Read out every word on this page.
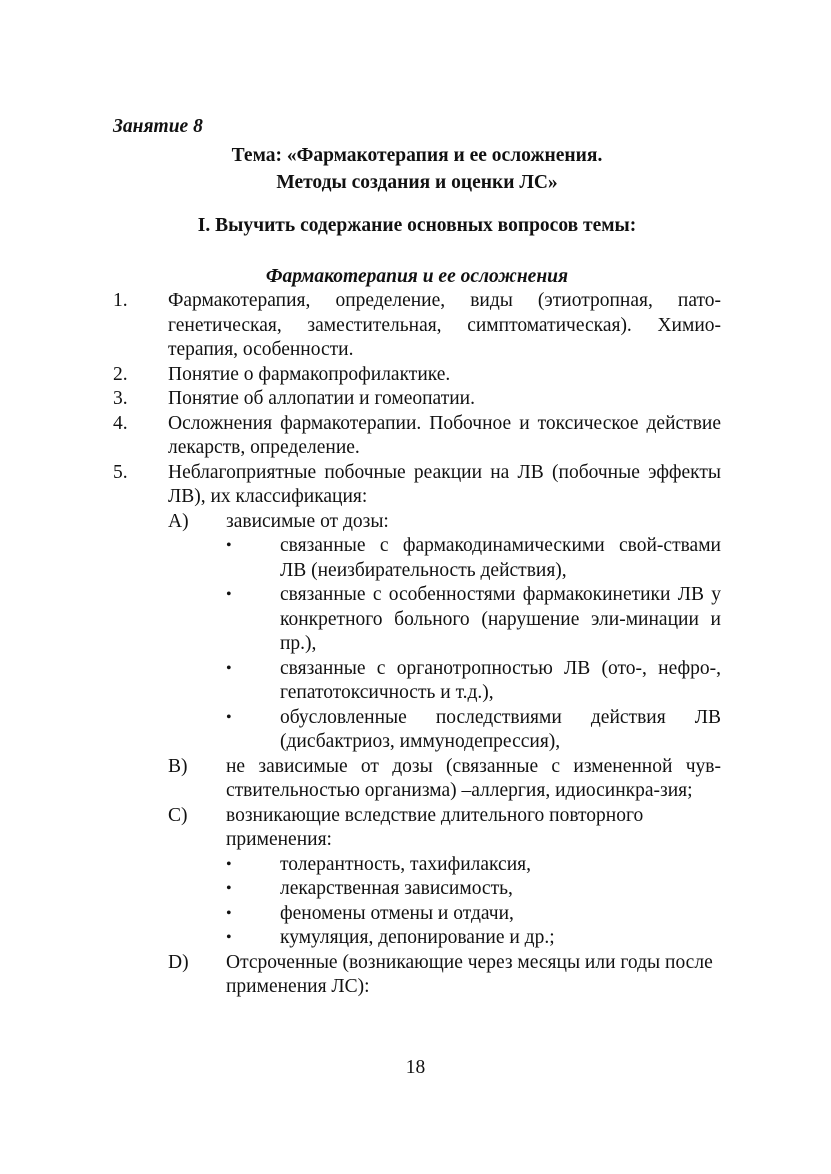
Занятие 8
Тема: «Фармакотерапия и ее осложнения.
Методы создания и оценки ЛС»
I. Выучить содержание основных вопросов темы:
Фармакотерапия и ее осложнения
1.	Фармакотерапия, определение, виды (этиотропная, пато-генетическая, заместительная, симптоматическая). Химио-терапия, особенности.
2.	Понятие о фармакопрофилактике.
3.	Понятие об аллопатии и гомеопатии.
4.	Осложнения фармакотерапии. Побочное и токсическое действие лекарств, определение.
5.	Неблагоприятные побочные реакции на ЛВ (побочные эффекты ЛВ), их классификация:
A)	зависимые от дозы:
•	связанные с фармакодинамическими свой-ствами ЛВ (неизбирательность действия),
•	связанные с особенностями фармакокинетики ЛВ у конкретного больного (нарушение эли-минации и пр.),
•	связанные с органотропностью ЛВ (ото-, нефро-, гепатотоксичность и т.д.),
•	обусловленные последствиями действия ЛВ (дисбактриоз, иммунодепрессия),
B)	не зависимые от дозы (связанные с измененной чув-ствительностью организма) –аллергия, идиосинкра-зия;
C)	возникающие вследствие длительного повторного применения:
•	толерантность, тахифилаксия,
•	лекарственная зависимость,
•	феномены отмены и отдачи,
•	кумуляция, депонирование и др.;
D)	Отсроченные (возникающие через месяцы или годы после применения ЛС):
18
